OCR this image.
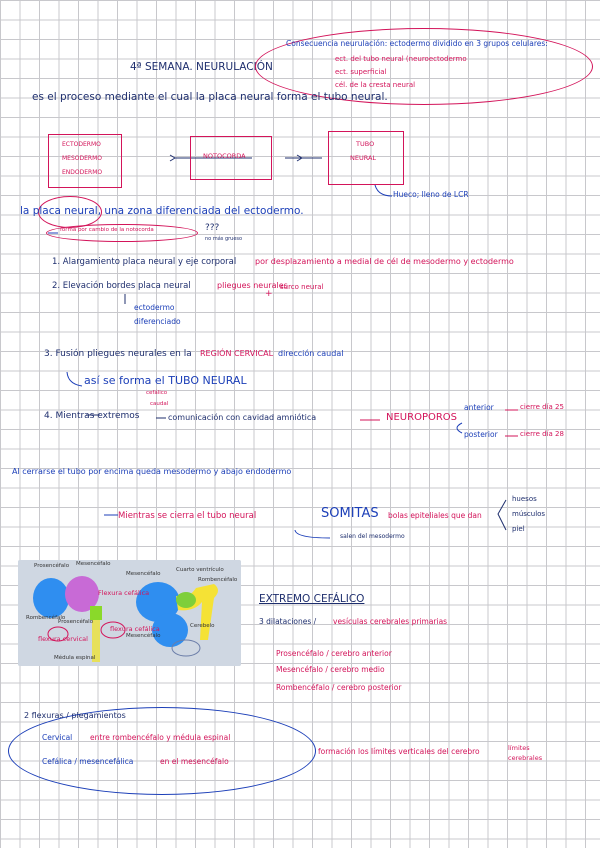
4ª SEMANA. NEURULACIÓN
Consecuencia neurulación: ectodermo dividido en 3 grupos celulares:
ect. del tubo neural (neuroectodermo
ect. superficial
cél. de la cresta neural
es el proceso mediante el cual la placa neural forma el tubo neural.
ECTODERMO
MESODERMO
ENDODERMO
NOTOCORDA
TUBO
NEURAL
Hueco; lleno de LCR
la placa neural, una zona diferenciada del ectodermo.
forma por cambio de la notocorda	???
no más grueso
1. Alargamiento placa neural y eje corporal por desplazamiento a medial de cél de mesodermo y ectodermo
2. Elevación bordes placa neural	pliegues neurales
+
surco neural
ectodermo
diferenciado
3. Fusión pliegues neurales en la REGIÓN CERVICAL dirección caudal
así se forma el TUBO NEURAL
4. Mientras extremos
cefálico
caudal
comunicación con cavidad amniótica	NEUROPOROS
anterior	cierre día 25
posterior	cierre día 28
Al cerrarse el tubo por encima queda mesodermo y abajo endodermo
Mientras se cierra el tubo neural	SOMITAS bolas epiteliales que dan
huesos
músculos
piel
salen del mesodermo
Prosencéfalo Mesencéfalo
Mesencéfalo
Cuarto ventrículo
Rombencéfalo
Rombencéfalo
Prosencéfalo
Cerebelo
Mesencéfalo
Médula espinal
Flexura cefálica
flexura cervical
flexura cefálica
EXTREMO CEFÁLICO
3 dilataciones / vesículas cerebrales primarias
Prosencéfalo / cerebro anterior
Mesencéfalo / cerebro medio
Rombencéfalo / cerebro posterior
2 flexuras / plegamientos
Cervical entre rombencéfalo y médula espinal
Cefálica / mesencefálica	en el mesencéfalo
formación los límites verticales del cerebro	límites
cerebrales
